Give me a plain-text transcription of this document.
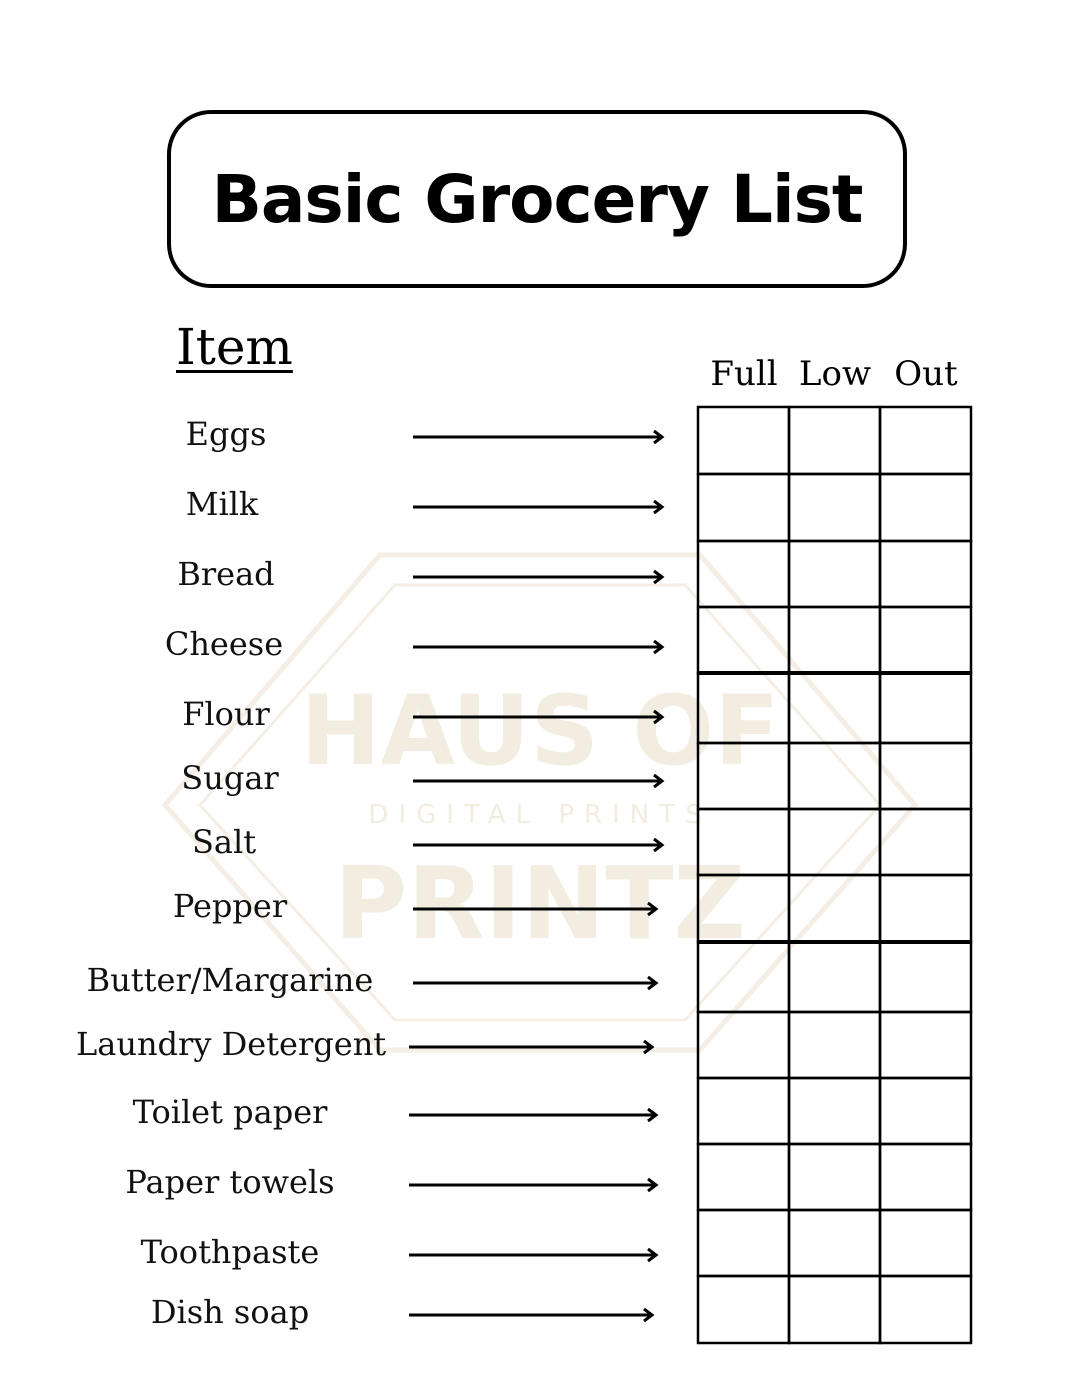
HAUS OF
DIGITAL PRINTS
PRINTZ
Basic Grocery List
Item	Full Low Out
Eggs
Milk
Bread
Cheese
Flour
Sugar
Salt
Pepper
Butter/Margarine
Laundry Detergent
Toilet paper
Paper towels
Toothpaste
Dish soap
